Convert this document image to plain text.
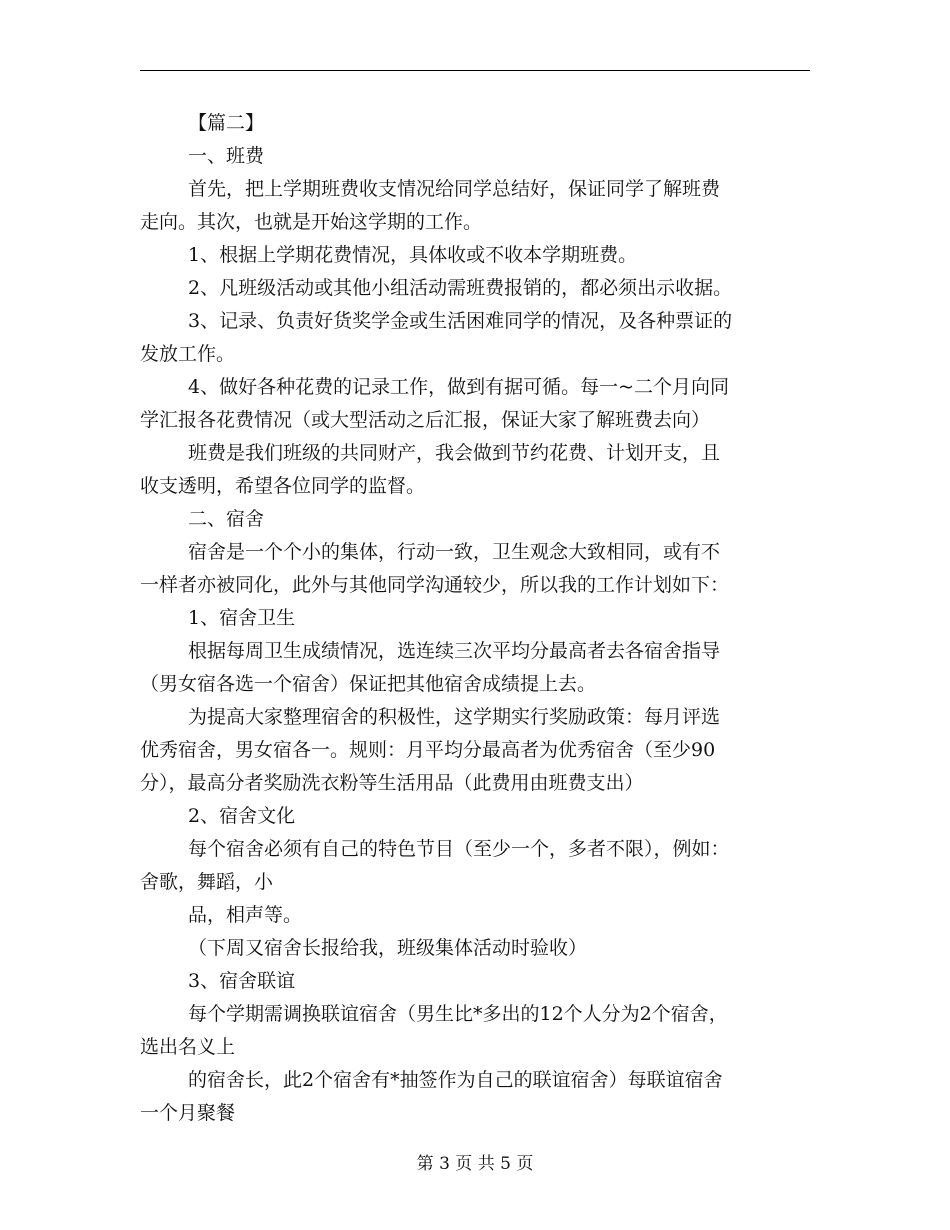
【篇二】
一、班费
首先，把上学期班费收支情况给同学总结好，保证同学了解班费
走向。其次，也就是开始这学期的工作。
1、根据上学期花费情况，具体收或不收本学期班费。
2、凡班级活动或其他小组活动需班费报销的，都必须出示收据。
3、记录、负责好货奖学金或生活困难同学的情况，及各种票证的
发放工作。
4、做好各种花费的记录工作，做到有据可循。每一~二个月向同
学汇报各花费情况（或大型活动之后汇报，保证大家了解班费去向）
班费是我们班级的共同财产，我会做到节约花费、计划开支，且
收支透明，希望各位同学的监督。
二、宿舍
宿舍是一个个小的集体，行动一致，卫生观念大致相同，或有不
一样者亦被同化，此外与其他同学沟通较少，所以我的工作计划如下：
1、宿舍卫生
根据每周卫生成绩情况，选连续三次平均分最高者去各宿舍指导
（男女宿各选一个宿舍）保证把其他宿舍成绩提上去。
为提高大家整理宿舍的积极性，这学期实行奖励政策：每月评选
优秀宿舍，男女宿各一。规则：月平均分最高者为优秀宿舍（至少90
分），最高分者奖励洗衣粉等生活用品（此费用由班费支出）
2、宿舍文化
每个宿舍必须有自己的特色节目（至少一个，多者不限），例如：
舍歌，舞蹈，小
品，相声等。
（下周又宿舍长报给我，班级集体活动时验收）
3、宿舍联谊
每个学期需调换联谊宿舍（男生比*多出的12个人分为2个宿舍，
选出名义上
的宿舍长，此2个宿舍有*抽签作为自己的联谊宿舍）每联谊宿舍
一个月聚餐
第 3 页 共 5 页
